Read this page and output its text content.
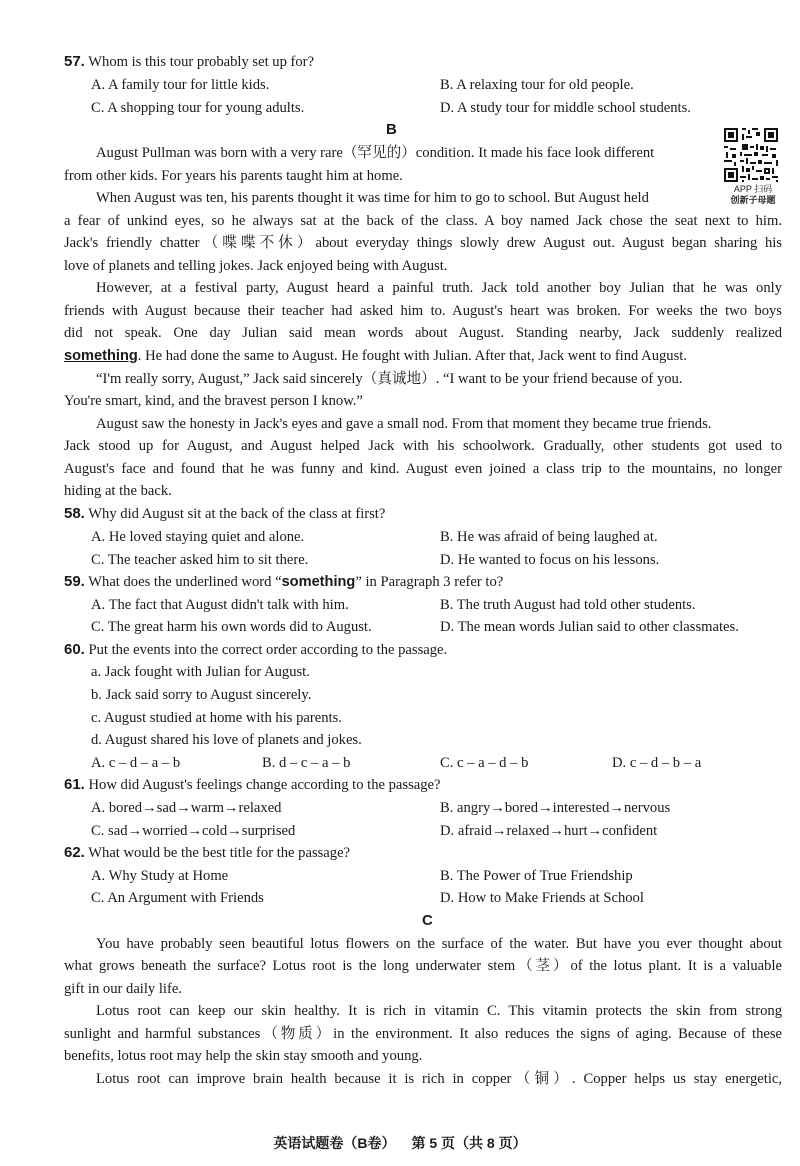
57. Whom is this tour probably set up for?
A. A family tour for little kids.	B. A relaxing tour for old people.
C. A shopping tour for young adults.	D. A study tour for middle school students.
B
August Pullman was born with a very rare（罕见的）condition. It made his face look different
from other kids. For years his parents taught him at home.
When August was ten, his parents thought it was time for him to go to school. But August held
a fear of unkind eyes, so he always sat at the back of the class. A boy named Jack chose the seat next to him.
Jack's friendly chatter（喋喋不休）about everyday things slowly drew August out. August began sharing his
love of planets and telling jokes. Jack enjoyed being with August.
However, at a festival party, August heard a painful truth. Jack told another boy Julian that he was only
friends with August because their teacher had asked him to. August's heart was broken. For weeks the two boys
did not speak. One day Julian said mean words about August. Standing nearby, Jack suddenly realized
something. He had done the same to August. He fought with Julian. After that, Jack went to find August.
“I'm really sorry, August,” Jack said sincerely（真诚地）. “I want to be your friend because of you.
You're smart, kind, and the bravest person I know.”
August saw the honesty in Jack's eyes and gave a small nod. From that moment they became true friends.
Jack stood up for August, and August helped Jack with his schoolwork. Gradually, other students got used to
August's face and found that he was funny and kind. August even joined a class trip to the mountains, no longer
hiding at the back.
APP 扫码
创新子母题
58. Why did August sit at the back of the class at first?
A. He loved staying quiet and alone.	B. He was afraid of being laughed at.
C. The teacher asked him to sit there.	D. He wanted to focus on his lessons.
59. What does the underlined word “something” in Paragraph 3 refer to?
A. The fact that August didn't talk with him.	B. The truth August had told other students.
C. The great harm his own words did to August.	D. The mean words Julian said to other classmates.
60. Put the events into the correct order according to the passage.
a. Jack fought with Julian for August.
b. Jack said sorry to August sincerely.
c. August studied at home with his parents.
d. August shared his love of planets and jokes.
A. c – d – a – b	B. d – c – a – b	C. c – a – d – b	D. c – d – b – a
61. How did August's feelings change according to the passage?
A. bored→sad→warm→relaxed	B. angry→bored→interested→nervous
C. sad→worried→cold→surprised	D. afraid→relaxed→hurt→confident
62. What would be the best title for the passage?
A. Why Study at Home	B. The Power of True Friendship
C. An Argument with Friends	D. How to Make Friends at School
C
You have probably seen beautiful lotus flowers on the surface of the water. But have you ever thought about
what grows beneath the surface? Lotus root is the long underwater stem（茎）of the lotus plant. It is a valuable
gift in our daily life.
Lotus root can keep our skin healthy. It is rich in vitamin C. This vitamin protects the skin from strong
sunlight and harmful substances（物质）in the environment. It also reduces the signs of aging. Because of these
benefits, lotus root may help the skin stay smooth and young.
Lotus root can improve brain health because it is rich in copper（铜）. Copper helps us stay energetic,
英语试题卷（B卷） 第 5 页（共 8 页）
